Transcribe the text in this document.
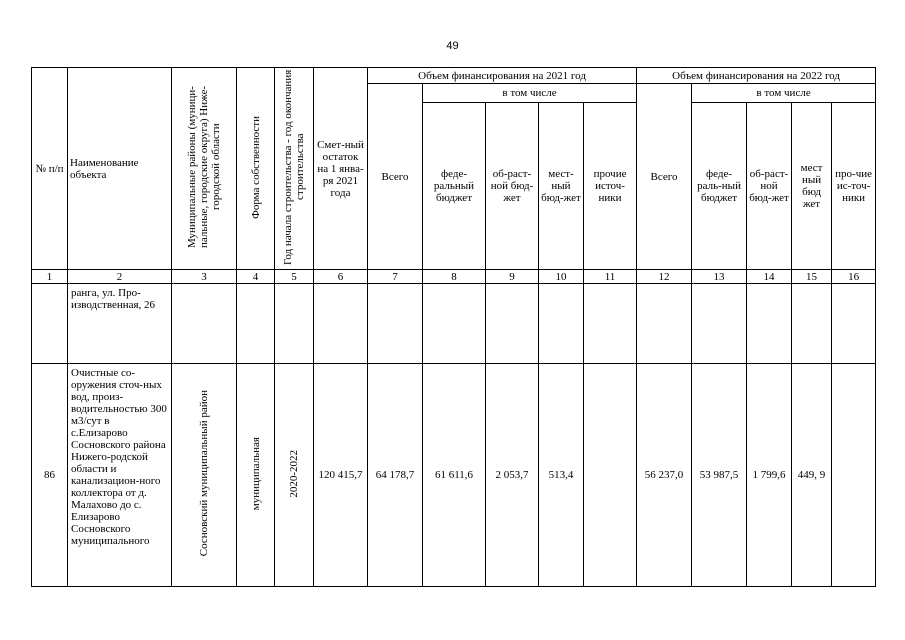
49
№ п/п	Наименование объекта	Муниципальные районы (муници-пальные, городские округа) Ниже-городской области	Форма собственности	Год начала строительства - год окончания строительства	Смет-ный остаток на 1 янва-ря 2021 года	Объем финансирования на 2021 год					Объем финансирования на 2022 год				

						Всего	в том числе				Всего	в том числе			

							феде-ральный бюджет	об-раст-ной бюд-жет	мест-ный бюд-жет	прочие источ-ники		феде-раль-ный бюджет	об-раст-ной бюд-жет	мест ный бюд жет	про-чие ис-точ-ники

1	2	3	4	5	6	7	8	9	10	11	12	13	14	15	16

	ранга, ул. Про-изводственная, 26														

86	Очистные со-оружения сточ-ных вод, произ-водительностью 300 м3/сут в с.Елизарово Сосновского района Нижего-родской области и канализацион-ного коллектора от д. Малахово до с. Елизарово Сосновского муниципального	Сосновский муниципальный район	муниципальная	2020-2022	120 415,7	64 178,7	61 611,6	2 053,7	513,4		56 237,0	53 987,5	1 799,6	449, 9	
